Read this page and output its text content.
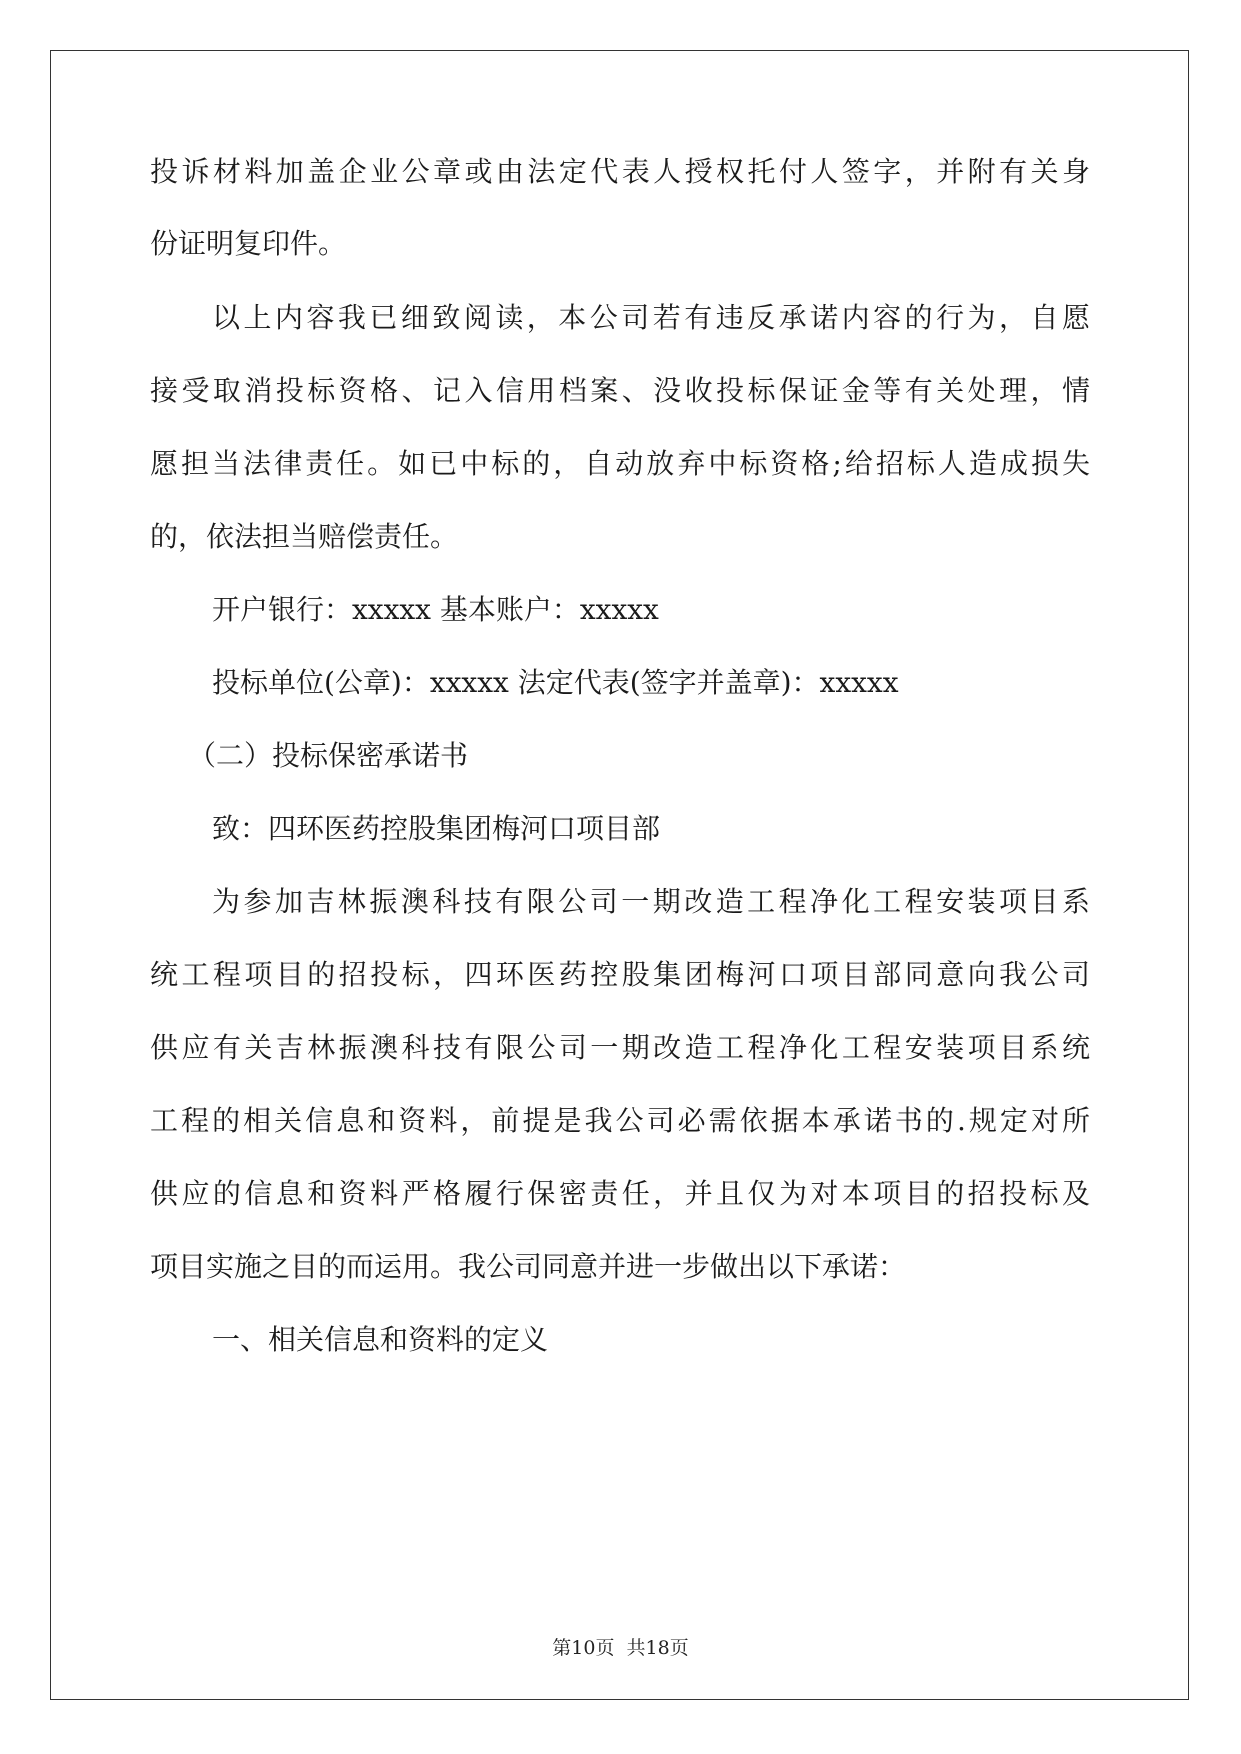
投诉材料加盖企业公章或由法定代表人授权托付人签字，并附有关身
份证明复印件。
以上内容我已细致阅读，本公司若有违反承诺内容的行为，自愿
接受取消投标资格、记入信用档案、没收投标保证金等有关处理，情
愿担当法律责任。如已中标的，自动放弃中标资格;给招标人造成损失
的，依法担当赔偿责任。
开户银行：xxxxx 基本账户：xxxxx
投标单位(公章)：xxxxx 法定代表(签字并盖章)：xxxxx
（二）投标保密承诺书
致：四环医药控股集团梅河口项目部
为参加吉林振澳科技有限公司一期改造工程净化工程安装项目系
统工程项目的招投标，四环医药控股集团梅河口项目部同意向我公司
供应有关吉林振澳科技有限公司一期改造工程净化工程安装项目系统
工程的相关信息和资料，前提是我公司必需依据本承诺书的.规定对所
供应的信息和资料严格履行保密责任，并且仅为对本项目的招投标及
项目实施之目的而运用。我公司同意并进一步做出以下承诺：
一、相关信息和资料的定义
第10页 共18页
